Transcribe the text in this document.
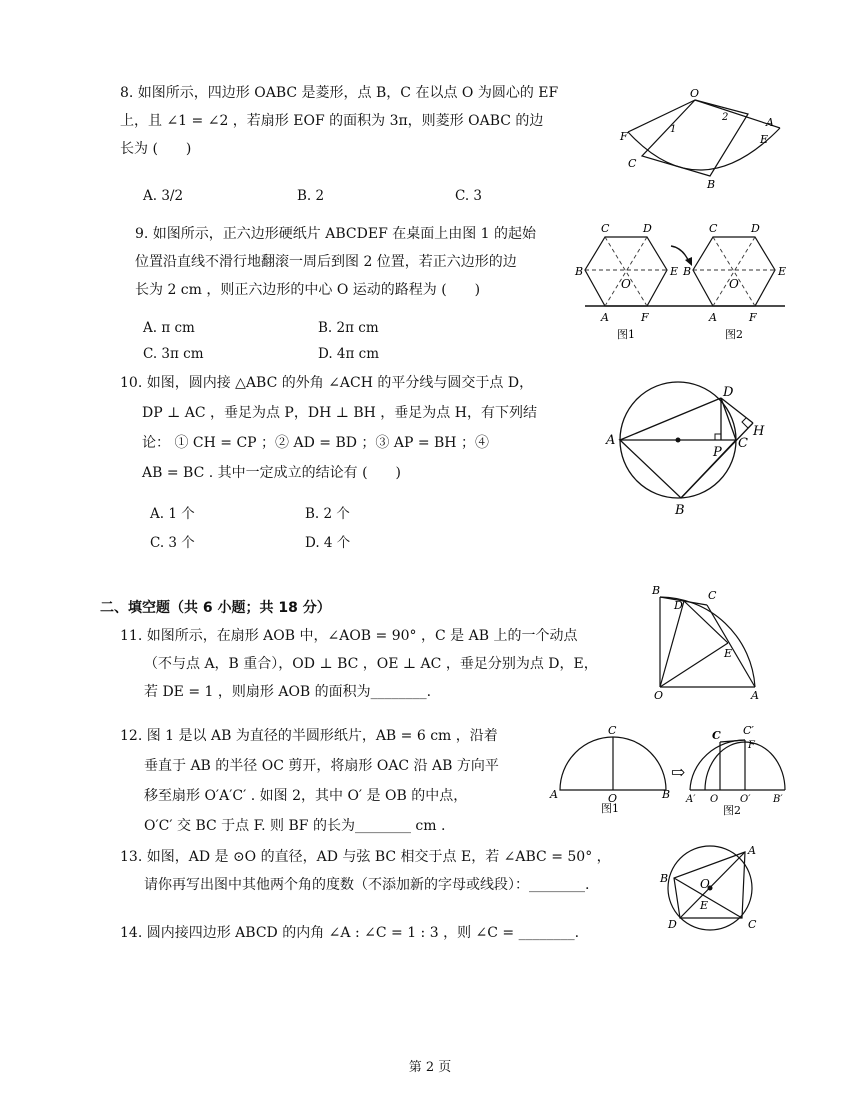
8. 如图所示，四边形 OABC 是菱形，点 B，C 在以点 O 为圆心的 EF
上，且 ∠1 = ∠2 ，若扇形 EOF 的面积为 3π，则菱形 OABC 的边
长为 (　　)
A. 3/2	B. 2	C. 3
O
A
E
F
C
B
1
2
9. 如图所示，正六边形硬纸片 ABCDEF 在桌面上由图 1 的起始
位置沿直线不滑行地翻滚一周后到图 2 位置，若正六边形的边
长为 2 cm ，则正六边形的中心 O 运动的路程为 (　　)
A. π cm	B. 2π cm
C. 3π cm	D. 4π cm
C	D
B	E
O
A	F
C	D
B	E
O
A	F
图1	图2
10. 如图，圆内接 △ABC 的外角 ∠ACH 的平分线与圆交于点 D，
DP ⊥ AC ，垂足为点 P，DH ⊥ BH ，垂足为点 H，有下列结
论： ① CH = CP ；② AD = BD ；③ AP = BH ；④
AB = BC . 其中一定成立的结论有 (　　)
A. 1 个	B. 2 个
C. 3 个	D. 4 个
D
A
P
C
H
B
二、填空题（共 6 小题；共 18 分）
11. 如图所示，在扇形 AOB 中，∠AOB = 90° ，C 是 AB 上的一个动点
（不与点 A，B 重合），OD ⊥ BC ，OE ⊥ AC ，垂足分别为点 D，E，
若 DE = 1 ，则扇形 AOB 的面积为________.
B	C
D
E
O	A
12. 图 1 是以 AB 为直径的半圆形纸片，AB = 6 cm ，沿着
垂直于 AB 的半径 OC 剪开，将扇形 OAC 沿 AB 方向平
移至扇形 O′A′C′ . 如图 2，其中 O′ 是 OB 的中点，
O′C′ 交 BC 于点 F. 则 BF 的长为________ cm .
C
A	O	B
图1
⇨
C C′
F
A′ O O′ B′
图2
13. 如图，AD 是 ⊙O 的直径，AD 与弦 BC 相交于点 E，若 ∠ABC = 50° ，
请你再写出图中其他两个角的度数（不添加新的字母或线段）：________.
A
B	O
E
D	C
14. 圆内接四边形 ABCD 的内角 ∠A : ∠C = 1 : 3 ，则 ∠C = ________.
第 2 页
